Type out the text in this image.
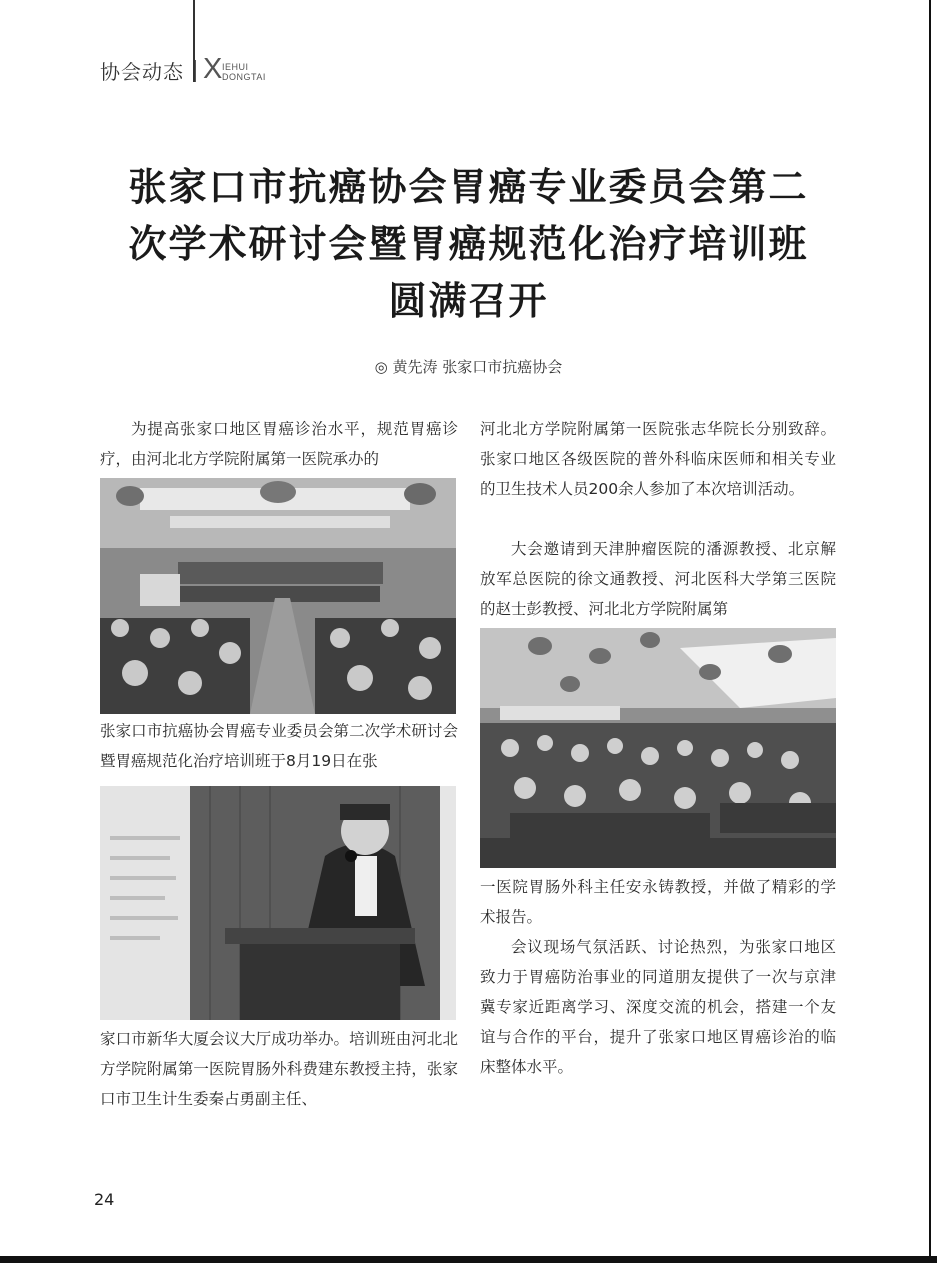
协会动态 X IEHUI
DONGTAI
张家口市抗癌协会胃癌专业委员会第二
次学术研讨会暨胃癌规范化治疗培训班
圆满召开
◎ 黄先涛 张家口市抗癌协会

为提高张家口地区胃癌诊治水平，规范胃癌诊疗，由河北北方学院附属第一医院承办的

张家口市抗癌协会胃癌专业委员会第二次学术研讨会暨胃癌规范化治疗培训班于8月19日在张

家口市新华大厦会议大厅成功举办。培训班由河北北方学院附属第一医院胃肠外科费建东教授主持，张家口市卫生计生委秦占勇副主任、

河北北方学院附属第一医院张志华院长分别致辞。张家口地区各级医院的普外科临床医师和相关专业的卫生技术人员200余人参加了本次培训活动。

大会邀请到天津肿瘤医院的潘源教授、北京解放军总医院的徐文通教授、河北医科大学第三医院的赵士彭教授、河北北方学院附属第

一医院胃肠外科主任安永铸教授，并做了精彩的学术报告。

会议现场气氛活跃、讨论热烈，为张家口地区致力于胃癌防治事业的同道朋友提供了一次与京津冀专家近距离学习、深度交流的机会，搭建一个友谊与合作的平台，提升了张家口地区胃癌诊治的临床整体水平。

24
